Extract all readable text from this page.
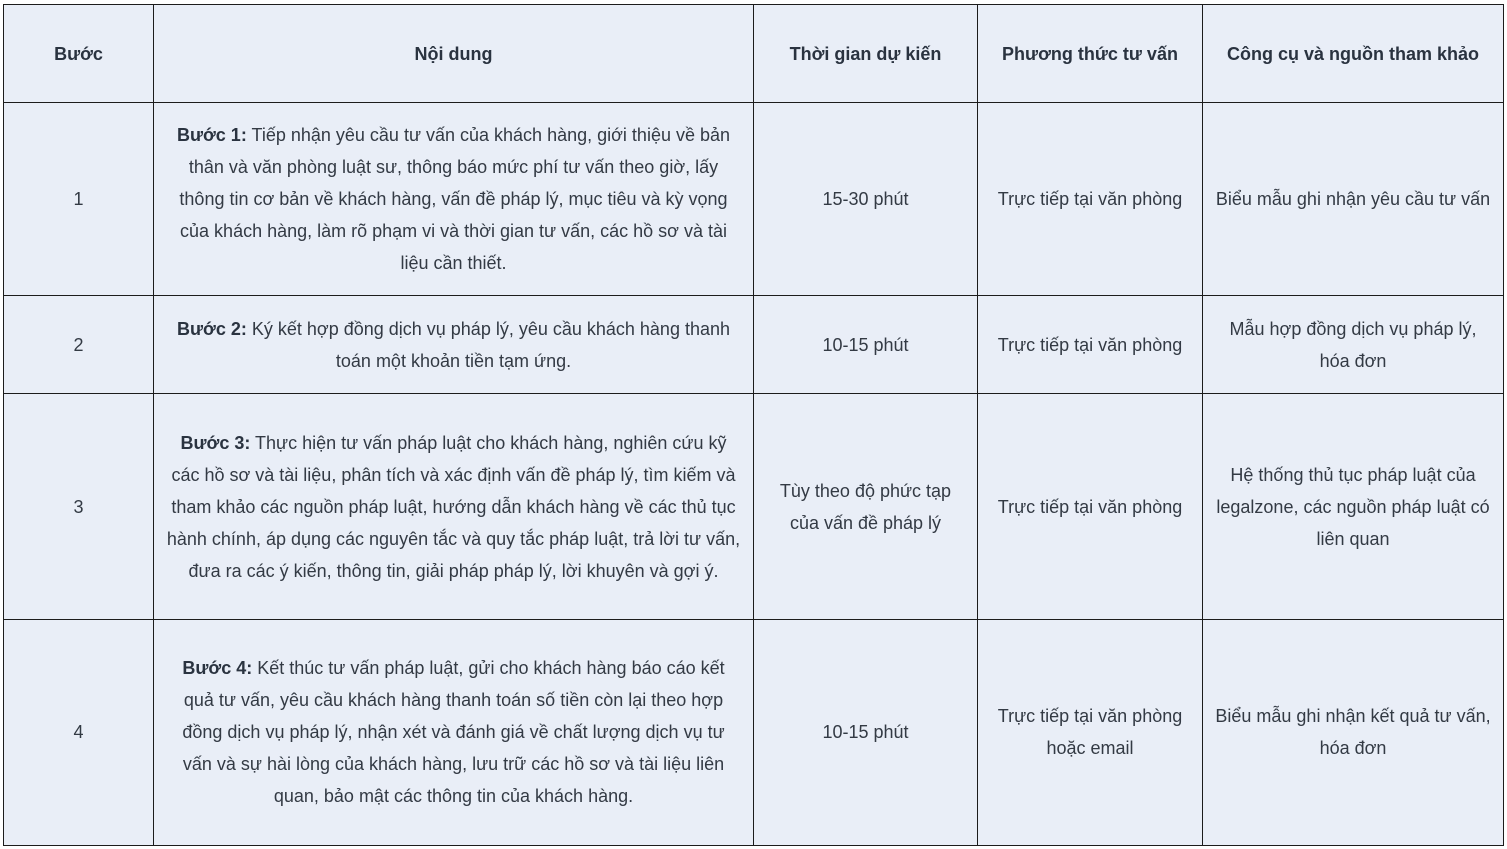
Bước	Nội dung	Thời gian dự kiến	Phương thức tư vấn	Công cụ và nguồn tham khảo
1	Bước 1: Tiếp nhận yêu cầu tư vấn của khách hàng, giới thiệu về bản thân và văn phòng luật sư, thông báo mức phí tư vấn theo giờ, lấy thông tin cơ bản về khách hàng, vấn đề pháp lý, mục tiêu và kỳ vọng của khách hàng, làm rõ phạm vi và thời gian tư vấn, các hồ sơ và tài liệu cần thiết.	15-30 phút	Trực tiếp tại văn phòng	Biểu mẫu ghi nhận yêu cầu tư vấn
2	Bước 2: Ký kết hợp đồng dịch vụ pháp lý, yêu cầu khách hàng thanh toán một khoản tiền tạm ứng.	10-15 phút	Trực tiếp tại văn phòng	Mẫu hợp đồng dịch vụ pháp lý, hóa đơn
3	Bước 3: Thực hiện tư vấn pháp luật cho khách hàng, nghiên cứu kỹ các hồ sơ và tài liệu, phân tích và xác định vấn đề pháp lý, tìm kiếm và tham khảo các nguồn pháp luật, hướng dẫn khách hàng về các thủ tục hành chính, áp dụng các nguyên tắc và quy tắc pháp luật, trả lời tư vấn, đưa ra các ý kiến, thông tin, giải pháp pháp lý, lời khuyên và gợi ý.	Tùy theo độ phức tạp của vấn đề pháp lý	Trực tiếp tại văn phòng	Hệ thống thủ tục pháp luật của legalzone, các nguồn pháp luật có liên quan
4	Bước 4: Kết thúc tư vấn pháp luật, gửi cho khách hàng báo cáo kết quả tư vấn, yêu cầu khách hàng thanh toán số tiền còn lại theo hợp đồng dịch vụ pháp lý, nhận xét và đánh giá về chất lượng dịch vụ tư vấn và sự hài lòng của khách hàng, lưu trữ các hồ sơ và tài liệu liên quan, bảo mật các thông tin của khách hàng.	10-15 phút	Trực tiếp tại văn phòng hoặc email	Biểu mẫu ghi nhận kết quả tư vấn, hóa đơn
